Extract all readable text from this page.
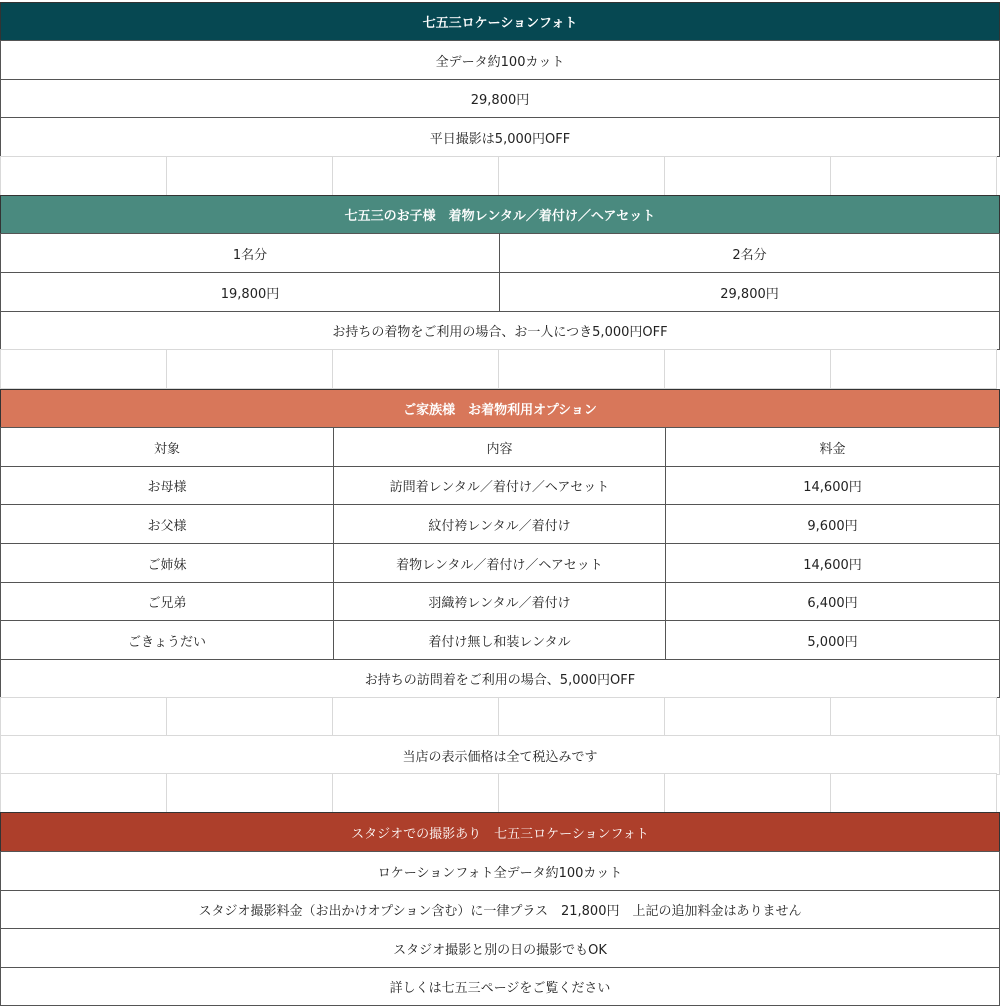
七五三ロケーションフォト
全データ約100カット
29,800円
平日撮影は5,000円OFF
七五三のお子様　着物レンタル／着付け／ヘアセット
1名分	2名分
19,800円	29,800円
お持ちの着物をご利用の場合、お一人につき5,000円OFF
ご家族様　お着物利用オプション
対象	内容	料金
お母様	訪問着レンタル／着付け／ヘアセット	14,600円
お父様	紋付袴レンタル／着付け	9,600円
ご姉妹	着物レンタル／着付け／ヘアセット	14,600円
ご兄弟	羽織袴レンタル／着付け	6,400円
ごきょうだい	着付け無し和装レンタル	5,000円
お持ちの訪問着をご利用の場合、5,000円OFF
当店の表示価格は全て税込みです
スタジオでの撮影あり　七五三ロケーションフォト
ロケーションフォト全データ約100カット
スタジオ撮影料金（お出かけオプション含む）に一律プラス　21,800円　上記の追加料金はありません
スタジオ撮影と別の日の撮影でもOK
詳しくは七五三ページをご覧ください
